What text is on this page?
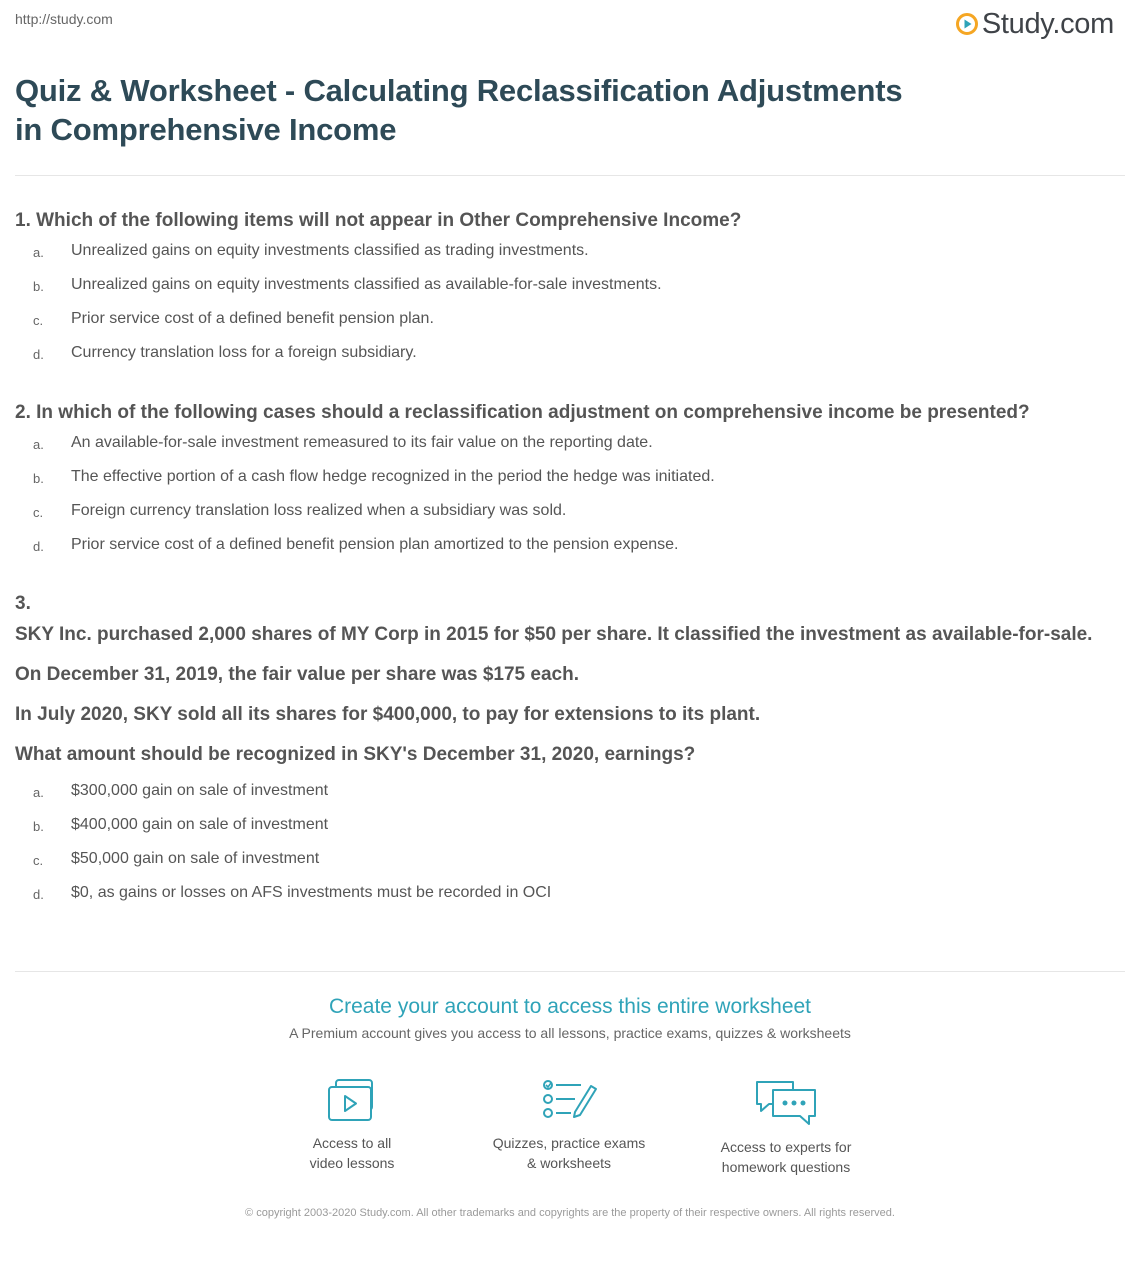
http://study.com	Study.com
Quiz & Worksheet - Calculating Reclassification Adjustments in Comprehensive Income
1. Which of the following items will not appear in Other Comprehensive Income?
a.	Unrealized gains on equity investments classified as trading investments.
b.	Unrealized gains on equity investments classified as available-for-sale investments.
c.	Prior service cost of a defined benefit pension plan.
d.	Currency translation loss for a foreign subsidiary.
2. In which of the following cases should a reclassification adjustment on comprehensive income be presented?
a.	An available-for-sale investment remeasured to its fair value on the reporting date.
b.	The effective portion of a cash flow hedge recognized in the period the hedge was initiated.
c.	Foreign currency translation loss realized when a subsidiary was sold.
d.	Prior service cost of a defined benefit pension plan amortized to the pension expense.
3.

SKY Inc. purchased 2,000 shares of MY Corp in 2015 for $50 per share. It classified the investment as available-for-sale.

On December 31, 2019, the fair value per share was $175 each.

In July 2020, SKY sold all its shares for $400,000, to pay for extensions to its plant.

What amount should be recognized in SKY's December 31, 2020, earnings?

a.	$300,000 gain on sale of investment
b.	$400,000 gain on sale of investment
c.	$50,000 gain on sale of investment
d.	$0, as gains or losses on AFS investments must be recorded in OCI
Create your account to access this entire worksheet
A Premium account gives you access to all lessons, practice exams, quizzes & worksheets
Access to all
video lessons
Quizzes, practice exams
& worksheets
Access to experts for
homework questions
© copyright 2003-2020 Study.com. All other trademarks and copyrights are the property of their respective owners. All rights reserved.
